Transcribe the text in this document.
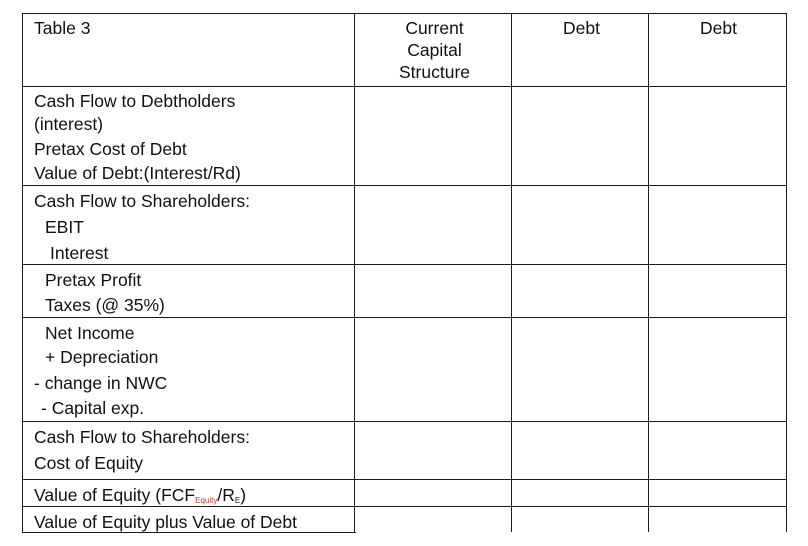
Table 3	Current
Capital
Structure
Debt	Debt
Cash Flow to Debtholders
(interest)
Pretax Cost of Debt
Value of Debt:(Interest/Rd)
Cash Flow to Shareholders:
EBIT
Interest
Pretax Profit
Taxes (@ 35%)
Net Income
+ Depreciation
- change in NWC
- Capital exp.
Cash Flow to Shareholders:
Cost of Equity
Value of Equity $(FCF_{Equity}/R_E)$
Value of Equity plus Value of Debt
